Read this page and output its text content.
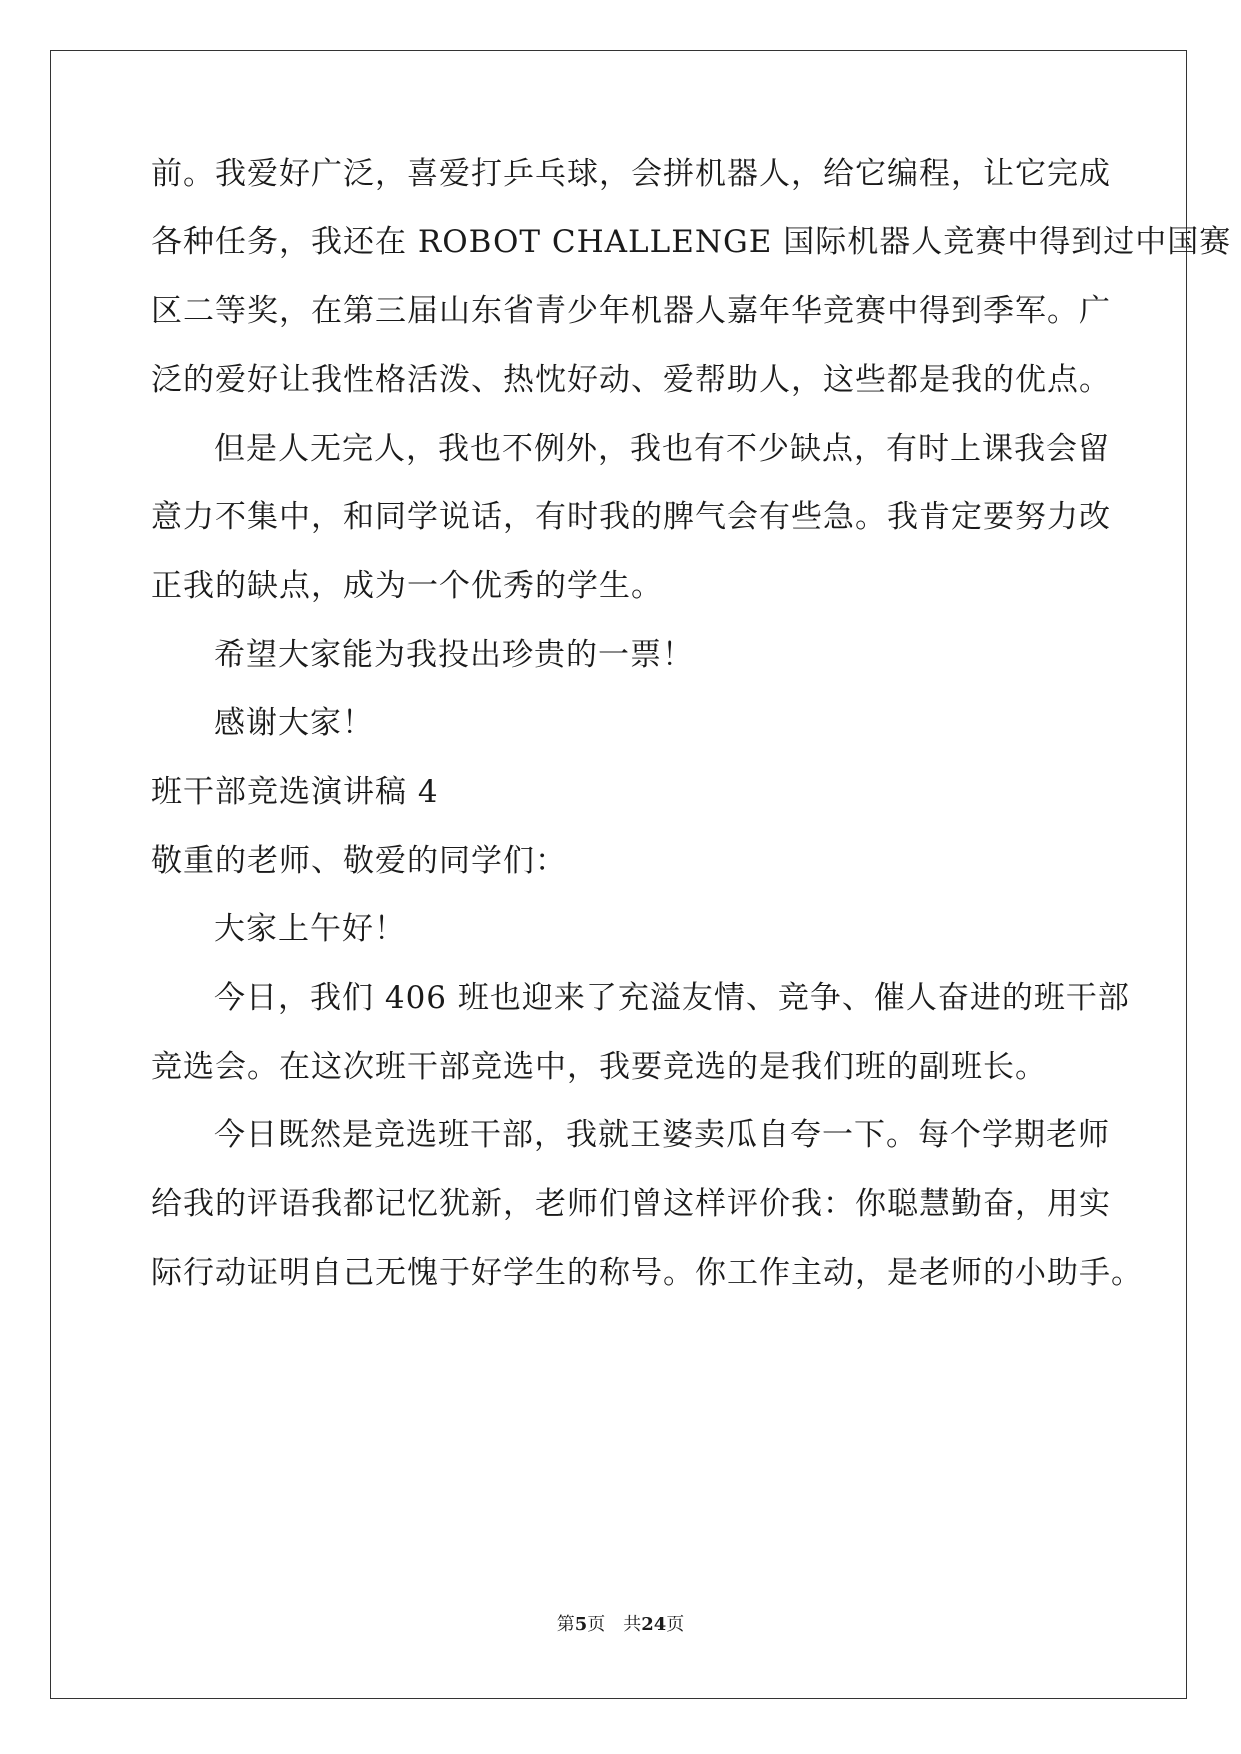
前。我爱好广泛，喜爱打乒乓球，会拼机器人，给它编程，让它完成
各种任务，我还在 ROBOT CHALLENGE 国际机器人竞赛中得到过中国赛
区二等奖，在第三届山东省青少年机器人嘉年华竞赛中得到季军。广
泛的爱好让我性格活泼、热忱好动、爱帮助人，这些都是我的优点。
但是人无完人，我也不例外，我也有不少缺点，有时上课我会留
意力不集中，和同学说话，有时我的脾气会有些急。我肯定要努力改
正我的缺点，成为一个优秀的学生。
希望大家能为我投出珍贵的一票！
感谢大家！
班干部竞选演讲稿 4
敬重的老师、敬爱的同学们：
大家上午好！
今日，我们 406 班也迎来了充溢友情、竞争、催人奋进的班干部
竞选会。在这次班干部竞选中，我要竞选的是我们班的副班长。
今日既然是竞选班干部，我就王婆卖瓜自夸一下。每个学期老师
给我的评语我都记忆犹新，老师们曾这样评价我：你聪慧勤奋，用实
际行动证明自己无愧于好学生的称号。你工作主动，是老师的小助手。
第5页　共24页
